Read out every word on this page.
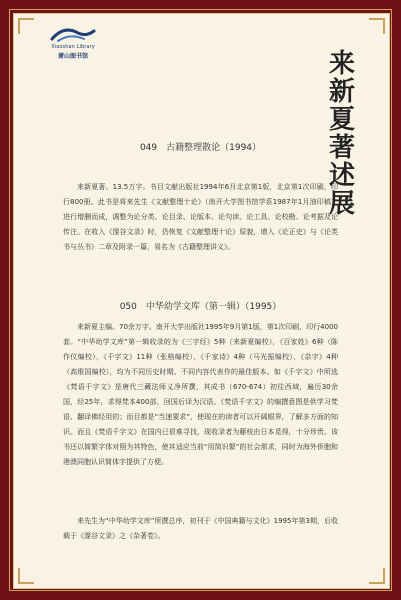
Xiaoshan Library
萧山图书馆	来
新
夏
著
述
展
049　古籍整理散论（1994）
来新夏著。13.5万字。书目文献出版社1994年6月北京第1版，北京第1次印刷，印行800册。此书是将来先生《文献整理十论》（南开大学图书馆学系1987年1月油印稿）进行增删而成，调整为论分类、论目录、论版本、论句读、论工具、论校勘、论考据及论传注。在收入《邃谷文录》时，仍恢复《文献整理十论》原貌，增入《论正史》与《论类书与丛书》二章及附录一篇，易名为《古籍整理讲义》。
050　中华幼学文库（第一辑）（1995）
来新夏主编。70余万字。南开大学出版社1995年9月第1版，第1次印刷，印行4000套。“中华幼学文库”第一辑收录的为《三字经》5种（来新夏编校），《百家姓》6种（陈作仪编校），《千字文》11种（张格编校），《千家诗》4种（马光振编校），《杂字》4种（高维国编校），均为不同历史时期、不同内容代表作的最佳版本。如《千字文》中所选《梵语千字文》是唐代三藏法师义净所撰，其成书（670-674）初往西域，遍历30余国，经25年，求得梵本400部，回国后译为汉语。《梵语千字文》的编撰意图是供学习梵语、翻译佛经用的；而目都是“当速要求”，使现在的读者可以开阔眼界，了解多方面的知识。而且《梵语千字文》在国内已很难寻找，现收录者为藤枝由日本觅得，十分珍贵。该书还以简繁字体对照为其特色，使其适应当前“用简识繁”的社会需求，同时为海外侨胞和港澳同胞认识简体字提供了方便。
来先生为“中华幼学文库”所撰总序，初刊于《中国典籍与文化》1995年第3期，后收载于《邃谷文录》之《杂著卷》。
